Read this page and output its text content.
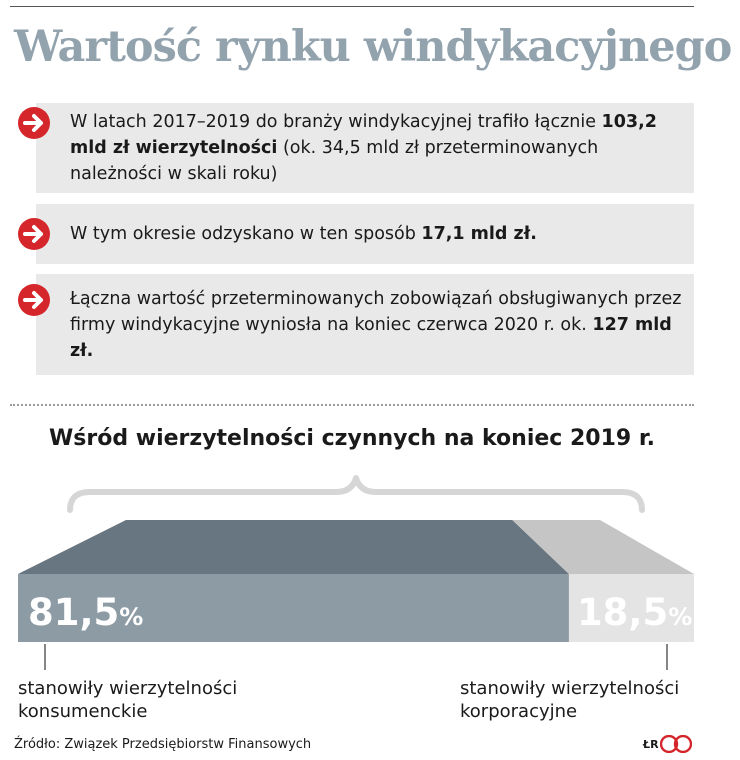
Wartość rynku windykacyjnego

W latach 2017–2019 do branży windykacyjnej trafiło łącznie 103,2 mld zł wierzytelności (ok. 34,5 mld zł przeterminowanych należności w skali roku)

W tym okresie odzyskano w ten sposób 17,1 mld zł.

Łączna wartość przeterminowanych zobowiązań obsługiwanych przez firmy windykacyjne wyniosła na koniec czerwca 2020 r. ok. 127 mld zł.

Wśród wierzytelności czynnych na koniec 2019 r.
81,5%	18,5%

stanowiły wierzytelności
konsumenckie

stanowiły wierzytelności
korporacyjne

Źródło: Związek Przedsiębiorstw Finansowych	ŁR
